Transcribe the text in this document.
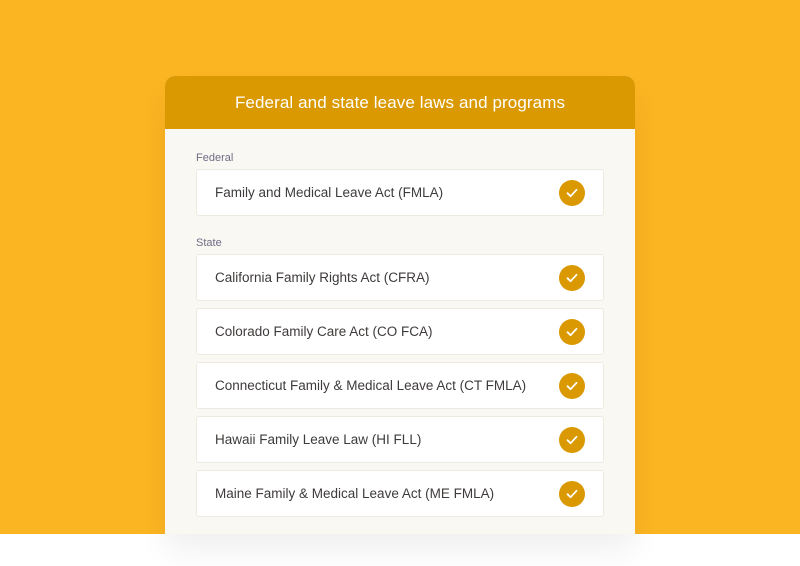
Federal and state leave laws and programs
Federal
Family and Medical Leave Act (FMLA)
State
California Family Rights Act (CFRA)
Colorado Family Care Act (CO FCA)
Connecticut Family & Medical Leave Act (CT FMLA)
Hawaii Family Leave Law (HI FLL)
Maine Family & Medical Leave Act (ME FMLA)
